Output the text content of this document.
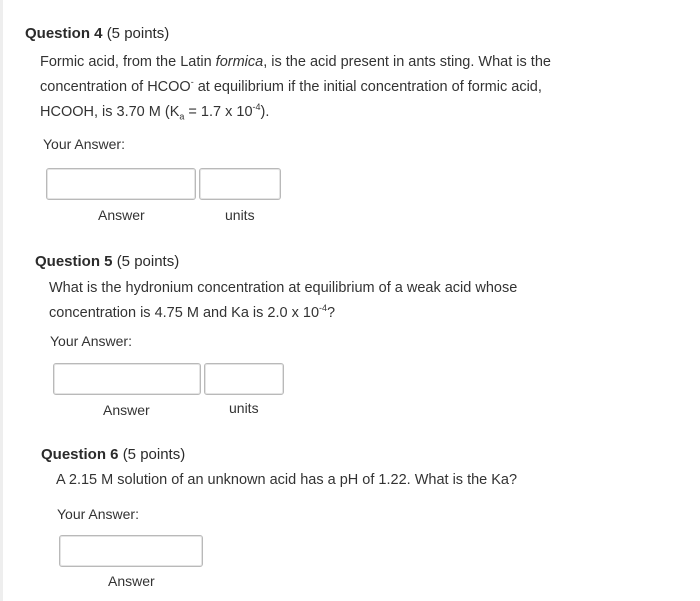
Question 4 (5 points)
Formic acid, from the Latin formica, is the acid present in ants sting. What is the concentration of HCOO- at equilibrium if the initial concentration of formic acid, HCOOH, is 3.70 M ($K_a = 1.7$ x $10^{-4}$).
Your Answer:
Answer	units
Question 5 (5 points)
What is the hydronium concentration at equilibrium of a weak acid whose concentration is 4.75 M and Ka is 2.0 x $10^{-4}$?
Your Answer:
Answer	units
Question 6 (5 points)
A 2.15 M solution of an unknown acid has a pH of 1.22. What is the Ka?
Your Answer:
Answer
